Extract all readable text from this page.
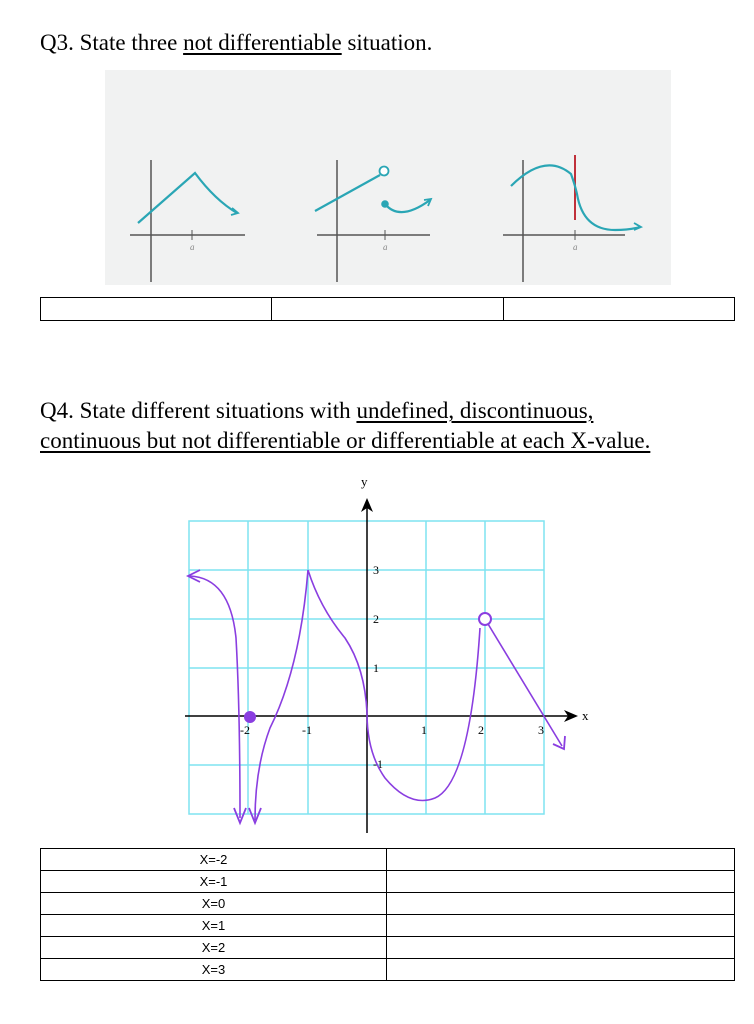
Q3. State three not differentiable situation.
a	a	a

Q4. State different situations with undefined, discontinuous,
continuous but not differentiable or differentiable at each X-value.
x
y
-2	-1	1	2	3
3
2
1
-1
X=-2	
X=-1	
X=0	
X=1	
X=2	
X=3	
